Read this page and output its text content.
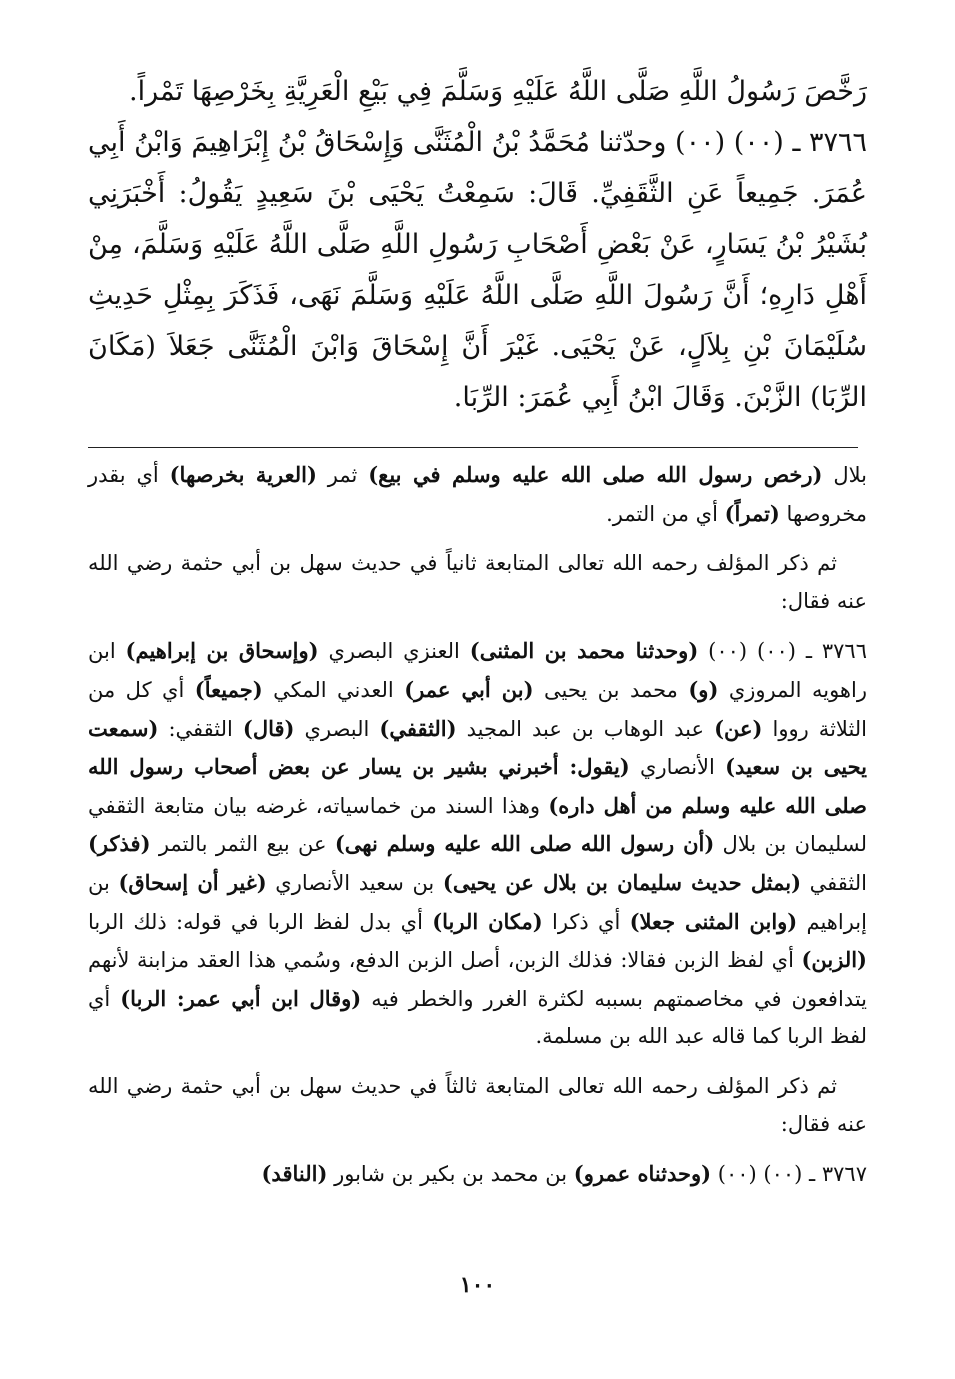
رَخَّصَ رَسُولُ اللَّهِ صَلَّى اللَّهُ عَلَيْهِ وَسَلَّمَ فِي بَيْعِ الْعَرِيَّةِ بِخَرْصِهَا تَمْراً.

٣٧٦٦ ـ (٠٠) (٠٠) وحدّثنا مُحَمَّدُ بْنُ الْمُثَنَّى وَإِسْحَاقُ بْنُ إِبْرَاهِيمَ وَابْنُ أَبِي عُمَرَ. جَمِيعاً عَنِ الثَّقَفِيِّ. قَالَ: سَمِعْتُ يَحْيَى بْنَ سَعِيدٍ يَقُولُ: أَخْبَرَنِي بُشَيْرُ بْنُ يَسَارٍ، عَنْ بَعْضِ أَصْحَابِ رَسُولِ اللَّهِ صَلَّى اللَّهُ عَلَيْهِ وَسَلَّمَ، مِنْ أَهْلِ دَارِهِ؛ أَنَّ رَسُولَ اللَّهِ صَلَّى اللَّهُ عَلَيْهِ وَسَلَّمَ نَهَى، فَذَكَرَ بِمِثْلِ حَدِيثِ سُلَيْمَانَ بْنِ بِلاَلٍ، عَنْ يَحْيَى. غَيْرَ أَنَّ إِسْحَاقَ وَابْنَ الْمُثَنَّى جَعَلاَ (مَكَانَ الرِّبَا) الزَّبْنَ. وَقَالَ ابْنُ أَبِي عُمَرَ: الرِّبَا.

بلال (رخص رسول الله صلى الله عليه وسلم في بيع) ثمر (العرية بخرصها) أي بقدر مخروصها (تمراً) أي من التمر.

ثم ذكر المؤلف رحمه الله تعالى المتابعة ثانياً في حديث سهل بن أبي حثمة رضي الله عنه فقال:

٣٧٦٦ ـ (٠٠) (٠٠) (وحدثنا محمد بن المثنى) العنزي البصري (وإسحاق بن إبراهيم) ابن راهويه المروزي (و) محمد بن يحيى (بن أبي عمر) العدني المكي (جميعاً) أي كل من الثلاثة رووا (عن) عبد الوهاب بن عبد المجيد (الثقفي) البصري (قال) الثقفي: (سمعت يحيى بن سعيد) الأنصاري (يقول: أخبرني بشير بن يسار عن بعض أصحاب رسول الله صلى الله عليه وسلم من أهل داره) وهذا السند من خماسياته، غرضه بيان متابعة الثقفي لسليمان بن بلال (أن رسول الله صلى الله عليه وسلم نهى) عن بيع الثمر بالتمر (فذكر) الثقفي (بمثل حديث سليمان بن بلال عن يحيى) بن سعيد الأنصاري (غير أن إسحاق) بن إبراهيم (وابن المثنى جعلا) أي ذكرا (مكان الربا) أي بدل لفظ الربا في قوله: ذلك الربا (الزبن) أي لفظ الزبن فقالا: فذلك الزبن، أصل الزبن الدفع، وسُمي هذا العقد مزابنة لأنهم يتدافعون في مخاصمتهم بسببه لكثرة الغرر والخطر فيه (وقال ابن أبي عمر: الربا) أي لفظ الربا كما قاله عبد الله بن مسلمة.

ثم ذكر المؤلف رحمه الله تعالى المتابعة ثالثاً في حديث سهل بن أبي حثمة رضي الله عنه فقال:

٣٧٦٧ ـ (٠٠) (٠٠) (وحدثناه عمرو) بن محمد بن بكير بن شابور (الناقد)

١٠٠
